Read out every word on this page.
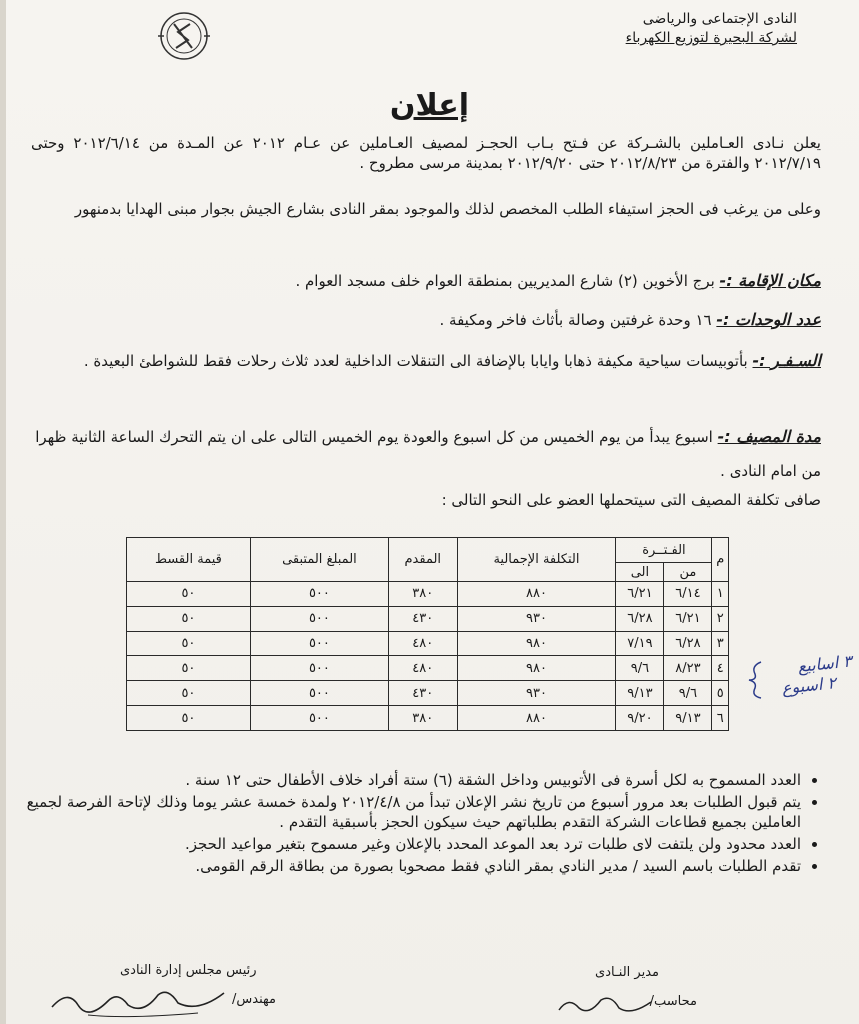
النادى الإجتماعى والرياضى
لشركة البحيرة لتوزيع الكهرباء
إعلان
يعلن نـادى العـاملين بالشـركة عن فـتح بـاب الحجـز لمصيف العـاملين عن عـام ٢٠١٢ عن المـدة من ٢٠١٢/٦/١٤ وحتى ٢٠١٢/٧/١٩ والفترة من ٢٠١٢/٨/٢٣ حتى ٢٠١٢/٩/٢٠ بمدينة مرسى مطروح .
وعلى من يرغب فى الحجز استيفاء الطلب المخصص لذلك والموجود بمقر النادى بشارع الجيش بجوار مبنى الهدايا بدمنهور
مكان الإقامة :- برج الأخوين (٢) شارع المديريين بمنطقة العوام خلف مسجد العوام .
عدد الوحدات :- ١٦ وحدة غرفتين وصالة بأثاث فاخر ومكيفة .
السـفـر :- بأتوبيسات سياحية مكيفة ذهابا وايابا بالإضافة الى التنقلات الداخلية لعدد ثلاث رحلات فقط للشواطئ البعيدة .
مدة المصيف :- اسبوع يبدأ من يوم الخميس من كل اسبوع والعودة يوم الخميس التالى على ان يتم التحرك الساعة الثانية ظهرا من امام النادى .
صافى تكلفة المصيف التى سيتحملها العضو على النحو التالى :
م	الفـتــرة		التكلفة الإجمالية	المقدم	المبلغ المتبقى	قيمة القسط
	من	الى				
١	٦/١٤	٦/٢١	٨٨٠	٣٨٠	٥٠٠	٥٠
٢	٦/٢١	٦/٢٨	٩٣٠	٤٣٠	٥٠٠	٥٠
٣	٦/٢٨	٧/١٩	٩٨٠	٤٨٠	٥٠٠	٥٠
٤	٨/٢٣	٩/٦	٩٨٠	٤٨٠	٥٠٠	٥٠
٥	٩/٦	٩/١٣	٩٣٠	٤٣٠	٥٠٠	٥٠
٦	٩/١٣	٩/٢٠	٨٨٠	٣٨٠	٥٠٠	٥٠
٣ اسابيع
٢ اسبوع
• العدد المسموح به لكل أسرة فى الأتوبيس وداخل الشقة (٦) ستة أفراد خلاف الأطفال حتى ١٢ سنة .
• يتم قبول الطلبات بعد مرور أسبوع من تاريخ نشر الإعلان تبدأ من ٢٠١٢/٤/٨ ولمدة خمسة عشر يوما وذلك لإتاحة الفرصة لجميع العاملين بجميع قطاعات الشركة التقدم بطلباتهم حيث سيكون الحجز بأسبقية التقدم .
• العدد محدود ولن يلتفت لاى طلبات ترد بعد الموعد المحدد بالإعلان وغير مسموح بتغير مواعيد الحجز.
• تقدم الطلبات باسم السيد / مدير النادي بمقر النادي فقط مصحوبا بصورة من بطاقة الرقم القومى.
رئيس مجلس إدارة النادى
مهندس/
مدير النـادى
محاسب/
